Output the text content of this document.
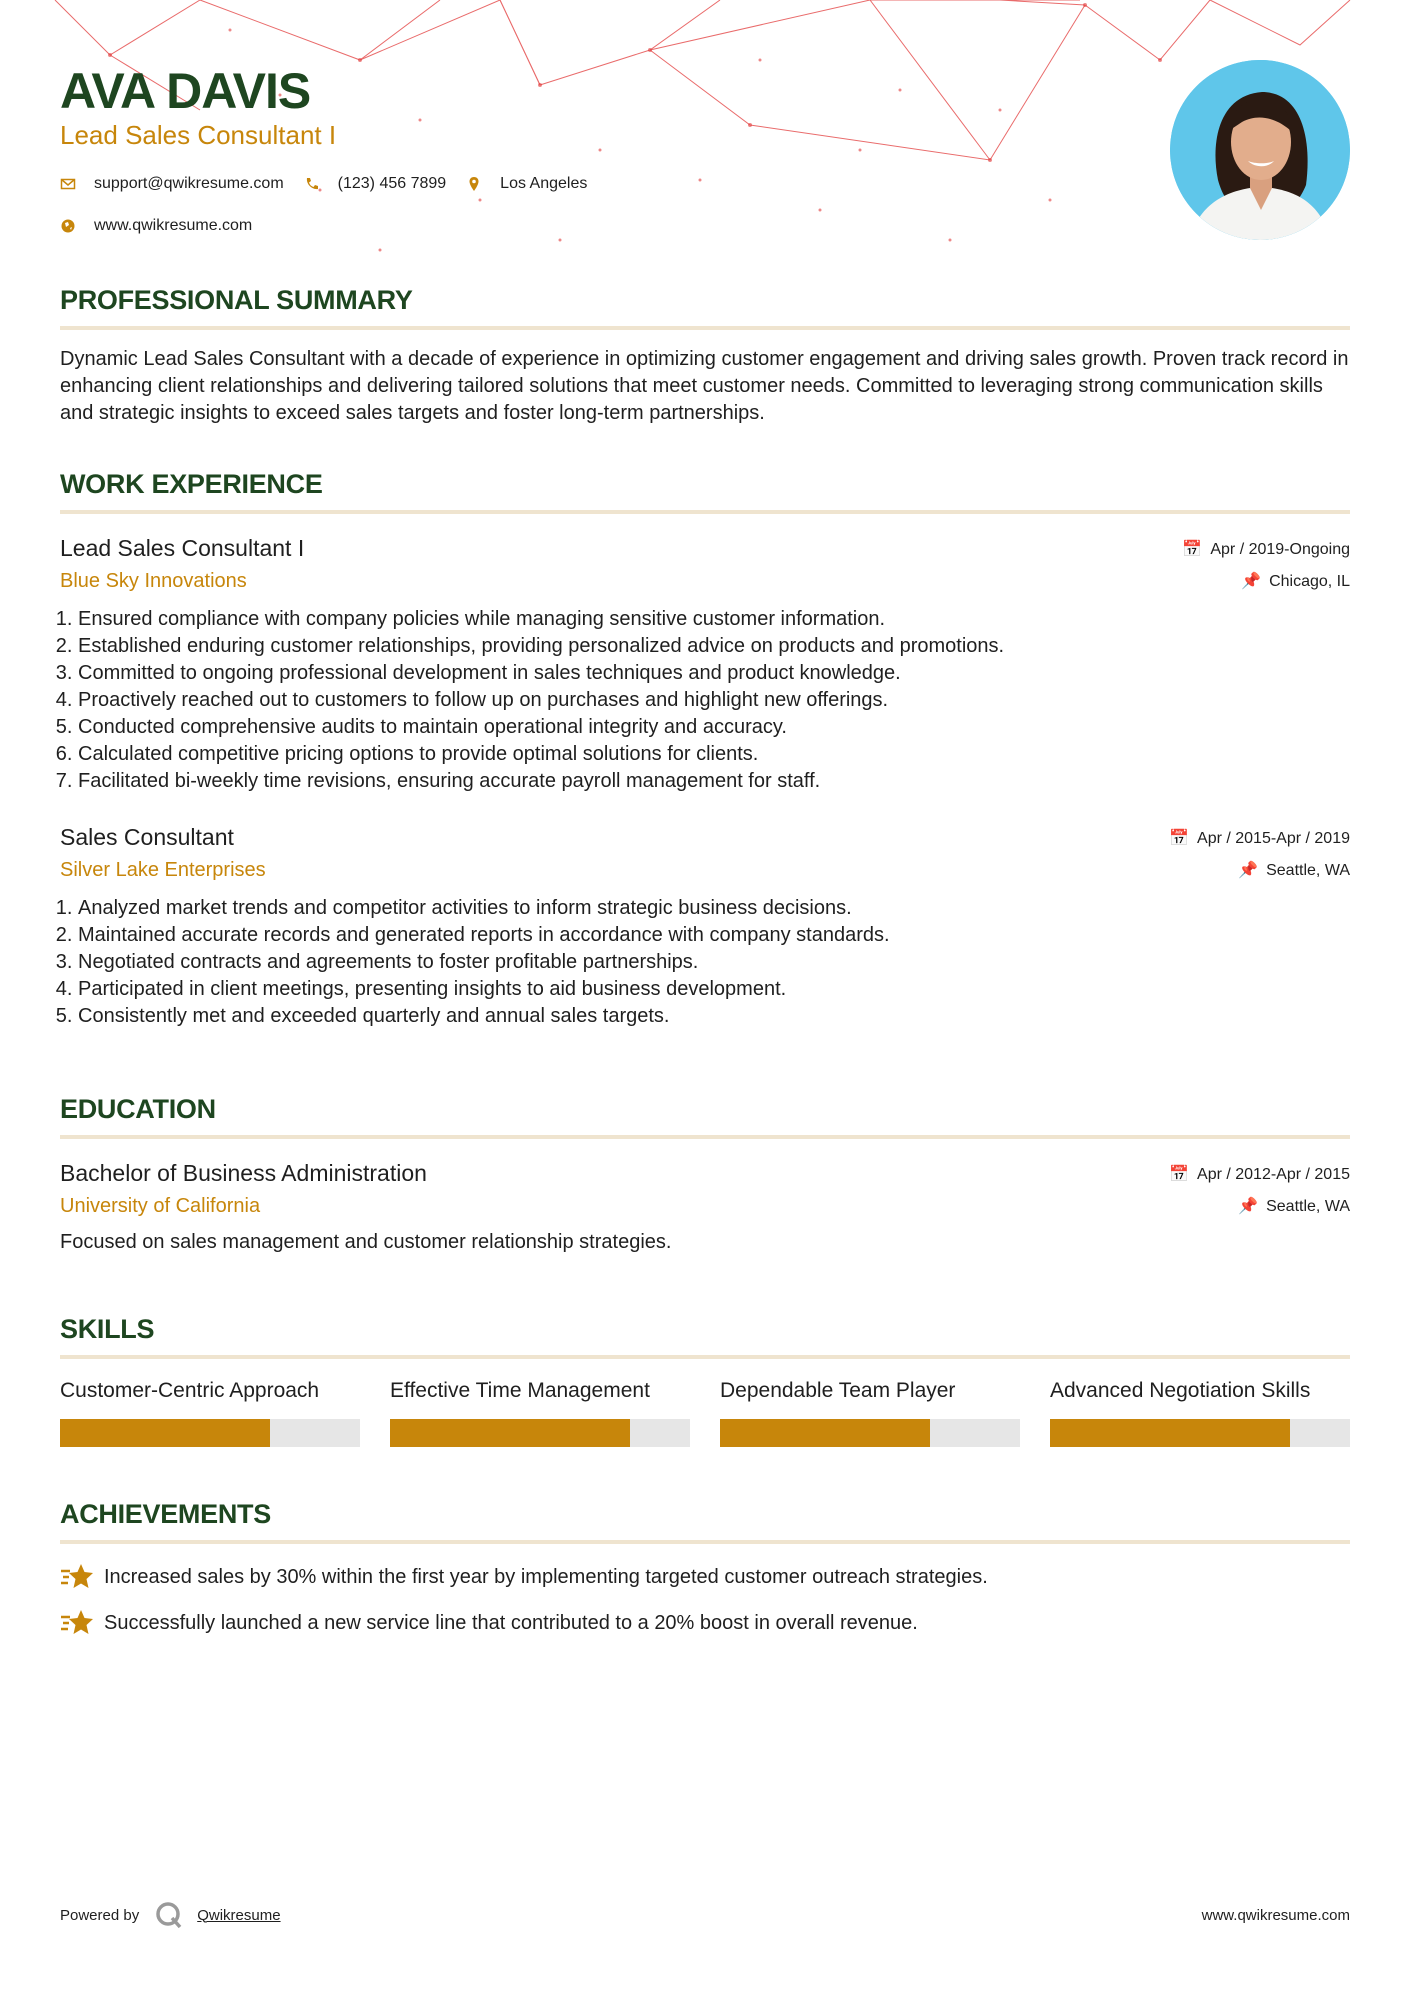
AVA DAVIS
Lead Sales Consultant I
support@qwikresume.com	(123) 456 7899	Los Angeles
www.qwikresume.com
PROFESSIONAL SUMMARY

Dynamic Lead Sales Consultant with a decade of experience in optimizing customer engagement and driving sales growth. Proven track record in enhancing client relationships and delivering tailored solutions that meet customer needs. Committed to leveraging strong communication skills and strategic insights to exceed sales targets and foster long-term partnerships.

WORK EXPERIENCE
Lead Sales Consultant I
Blue Sky Innovations
📅 Apr / 2019-Ongoing
📌 Chicago, IL
1. Ensured compliance with company policies while managing sensitive customer information.
2. Established enduring customer relationships, providing personalized advice on products and promotions.
3. Committed to ongoing professional development in sales techniques and product knowledge.
4. Proactively reached out to customers to follow up on purchases and highlight new offerings.
5. Conducted comprehensive audits to maintain operational integrity and accuracy.
6. Calculated competitive pricing options to provide optimal solutions for clients.
7. Facilitated bi-weekly time revisions, ensuring accurate payroll management for staff.
Sales Consultant
Silver Lake Enterprises
📅 Apr / 2015-Apr / 2019
📌 Seattle, WA
1. Analyzed market trends and competitor activities to inform strategic business decisions.
2. Maintained accurate records and generated reports in accordance with company standards.
3. Negotiated contracts and agreements to foster profitable partnerships.
4. Participated in client meetings, presenting insights to aid business development.
5. Consistently met and exceeded quarterly and annual sales targets.
EDUCATION
Bachelor of Business Administration
University of California
📅 Apr / 2012-Apr / 2015
📌 Seattle, WA
Focused on sales management and customer relationship strategies.
SKILLS
Customer-Centric Approach	Effective Time Management	Dependable Team Player	Advanced Negotiation Skills
ACHIEVEMENTS
Increased sales by 30% within the first year by implementing targeted customer outreach strategies.
Successfully launched a new service line that contributed to a 20% boost in overall revenue.
Powered by	Qwikresume	www.qwikresume.com
